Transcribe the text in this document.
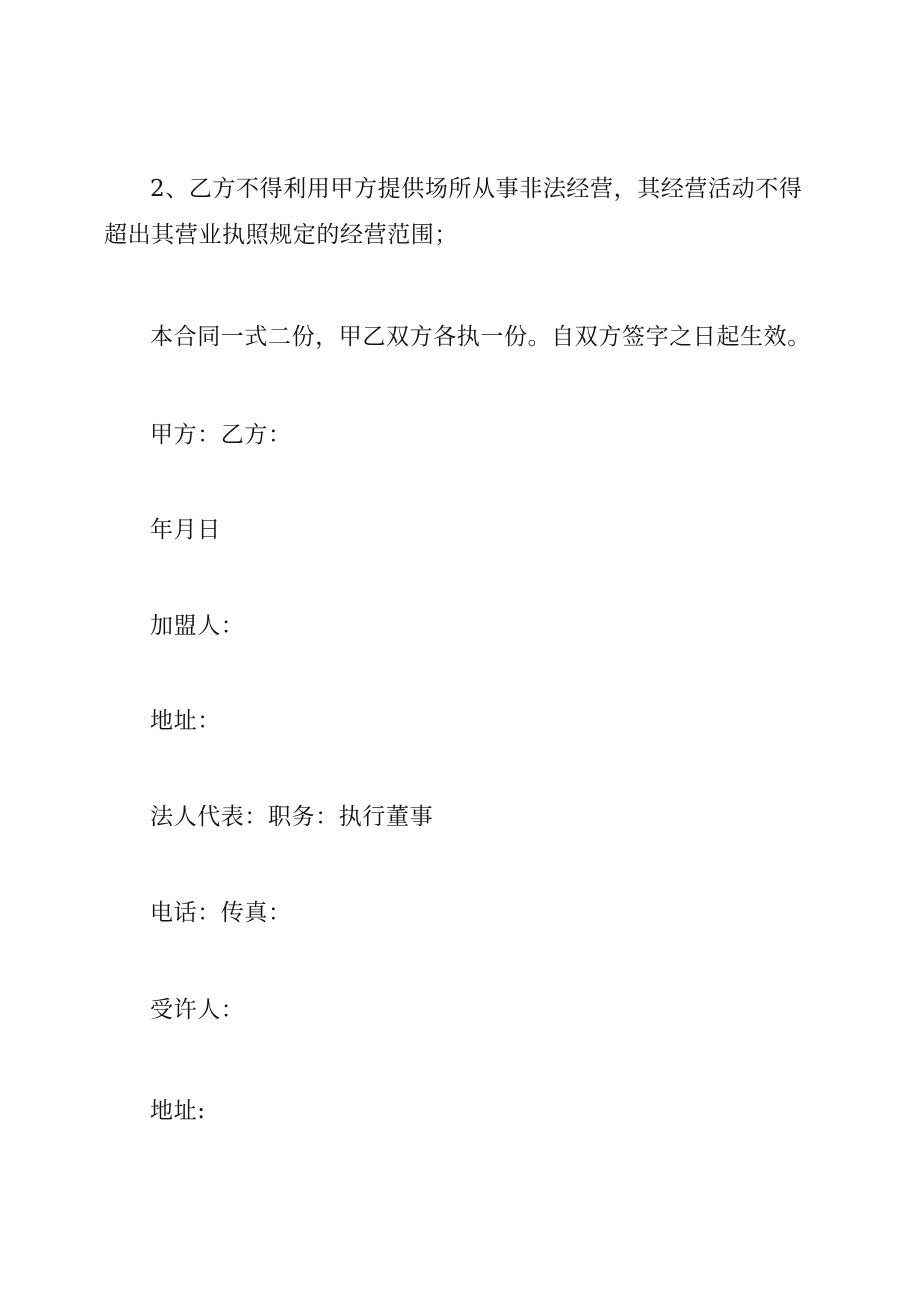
2、乙方不得利用甲方提供场所从事非法经营，其经营活动不得超出其营业执照规定的经营范围；

本合同一式二份，甲乙双方各执一份。自双方签字之日起生效。

甲方：乙方：

年月日

加盟人：

地址：

法人代表：职务：执行董事

电话：传真：

受许人：

地址:
